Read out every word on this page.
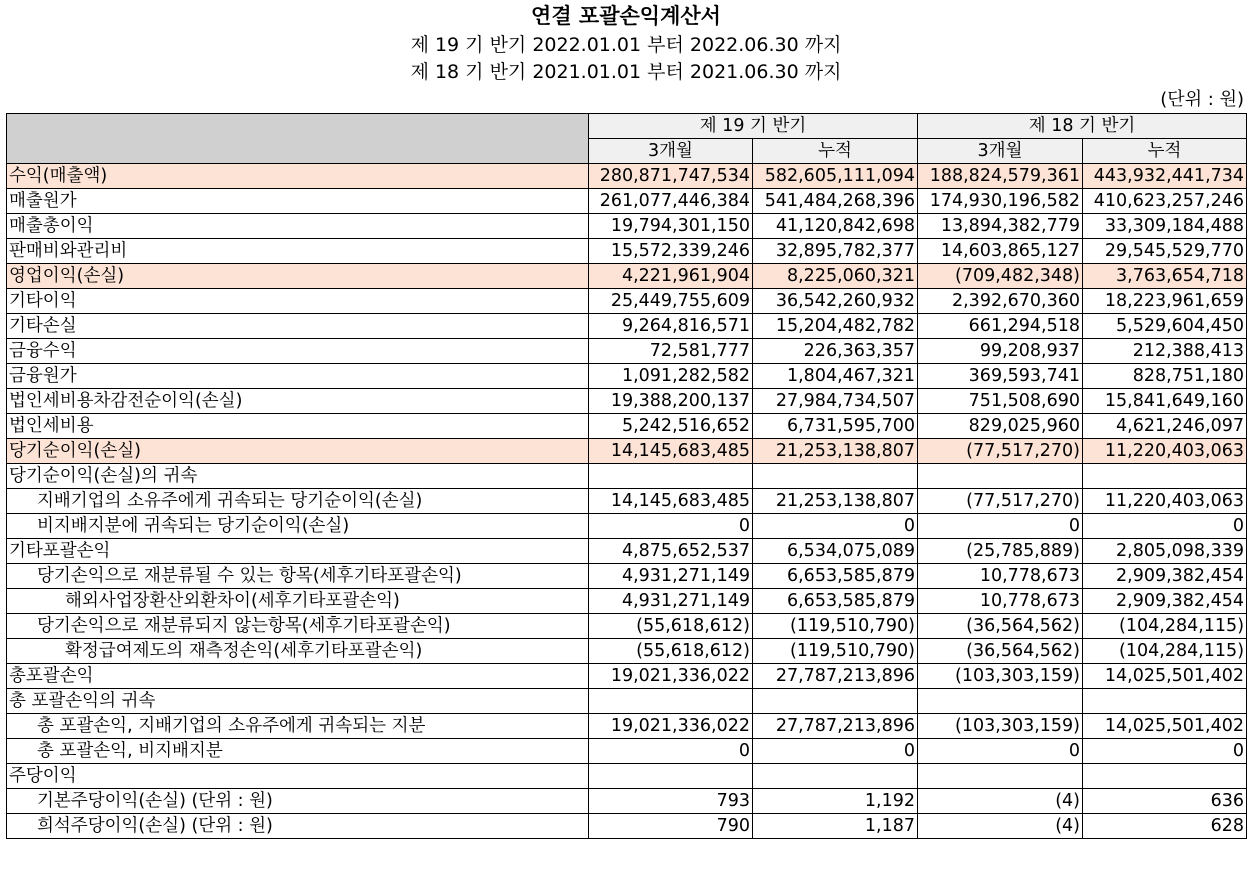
연결 포괄손익계산서
제 19 기 반기 2022.01.01 부터 2022.06.30 까지
제 18 기 반기 2021.01.01 부터 2021.06.30 까지
(단위 : 원)
	제 19 기 반기		제 18 기 반기	
	3개월	누적	3개월	누적
수익(매출액)	280,871,747,534	582,605,111,094	188,824,579,361	443,932,441,734
매출원가	261,077,446,384	541,484,268,396	174,930,196,582	410,623,257,246
매출총이익	19,794,301,150	41,120,842,698	13,894,382,779	33,309,184,488
판매비와관리비	15,572,339,246	32,895,782,377	14,603,865,127	29,545,529,770
영업이익(손실)	4,221,961,904	8,225,060,321	(709,482,348)	3,763,654,718
기타이익	25,449,755,609	36,542,260,932	2,392,670,360	18,223,961,659
기타손실	9,264,816,571	15,204,482,782	661,294,518	5,529,604,450
금융수익	72,581,777	226,363,357	99,208,937	212,388,413
금융원가	1,091,282,582	1,804,467,321	369,593,741	828,751,180
법인세비용차감전순이익(손실)	19,388,200,137	27,984,734,507	751,508,690	15,841,649,160
법인세비용	5,242,516,652	6,731,595,700	829,025,960	4,621,246,097
당기순이익(손실)	14,145,683,485	21,253,138,807	(77,517,270)	11,220,403,063
당기순이익(손실)의 귀속				
지배기업의 소유주에게 귀속되는 당기순이익(손실)	14,145,683,485	21,253,138,807	(77,517,270)	11,220,403,063
비지배지분에 귀속되는 당기순이익(손실)	0	0	0	0
기타포괄손익	4,875,652,537	6,534,075,089	(25,785,889)	2,805,098,339
당기손익으로 재분류될 수 있는 항목(세후기타포괄손익)	4,931,271,149	6,653,585,879	10,778,673	2,909,382,454
해외사업장환산외환차이(세후기타포괄손익)	4,931,271,149	6,653,585,879	10,778,673	2,909,382,454
당기손익으로 재분류되지 않는항목(세후기타포괄손익)	(55,618,612)	(119,510,790)	(36,564,562)	(104,284,115)
확정급여제도의 재측정손익(세후기타포괄손익)	(55,618,612)	(119,510,790)	(36,564,562)	(104,284,115)
총포괄손익	19,021,336,022	27,787,213,896	(103,303,159)	14,025,501,402
총 포괄손익의 귀속				
총 포괄손익, 지배기업의 소유주에게 귀속되는 지분	19,021,336,022	27,787,213,896	(103,303,159)	14,025,501,402
총 포괄손익, 비지배지분	0	0	0	0
주당이익				
기본주당이익(손실) (단위 : 원)	793	1,192	(4)	636
희석주당이익(손실) (단위 : 원)	790	1,187	(4)	628
